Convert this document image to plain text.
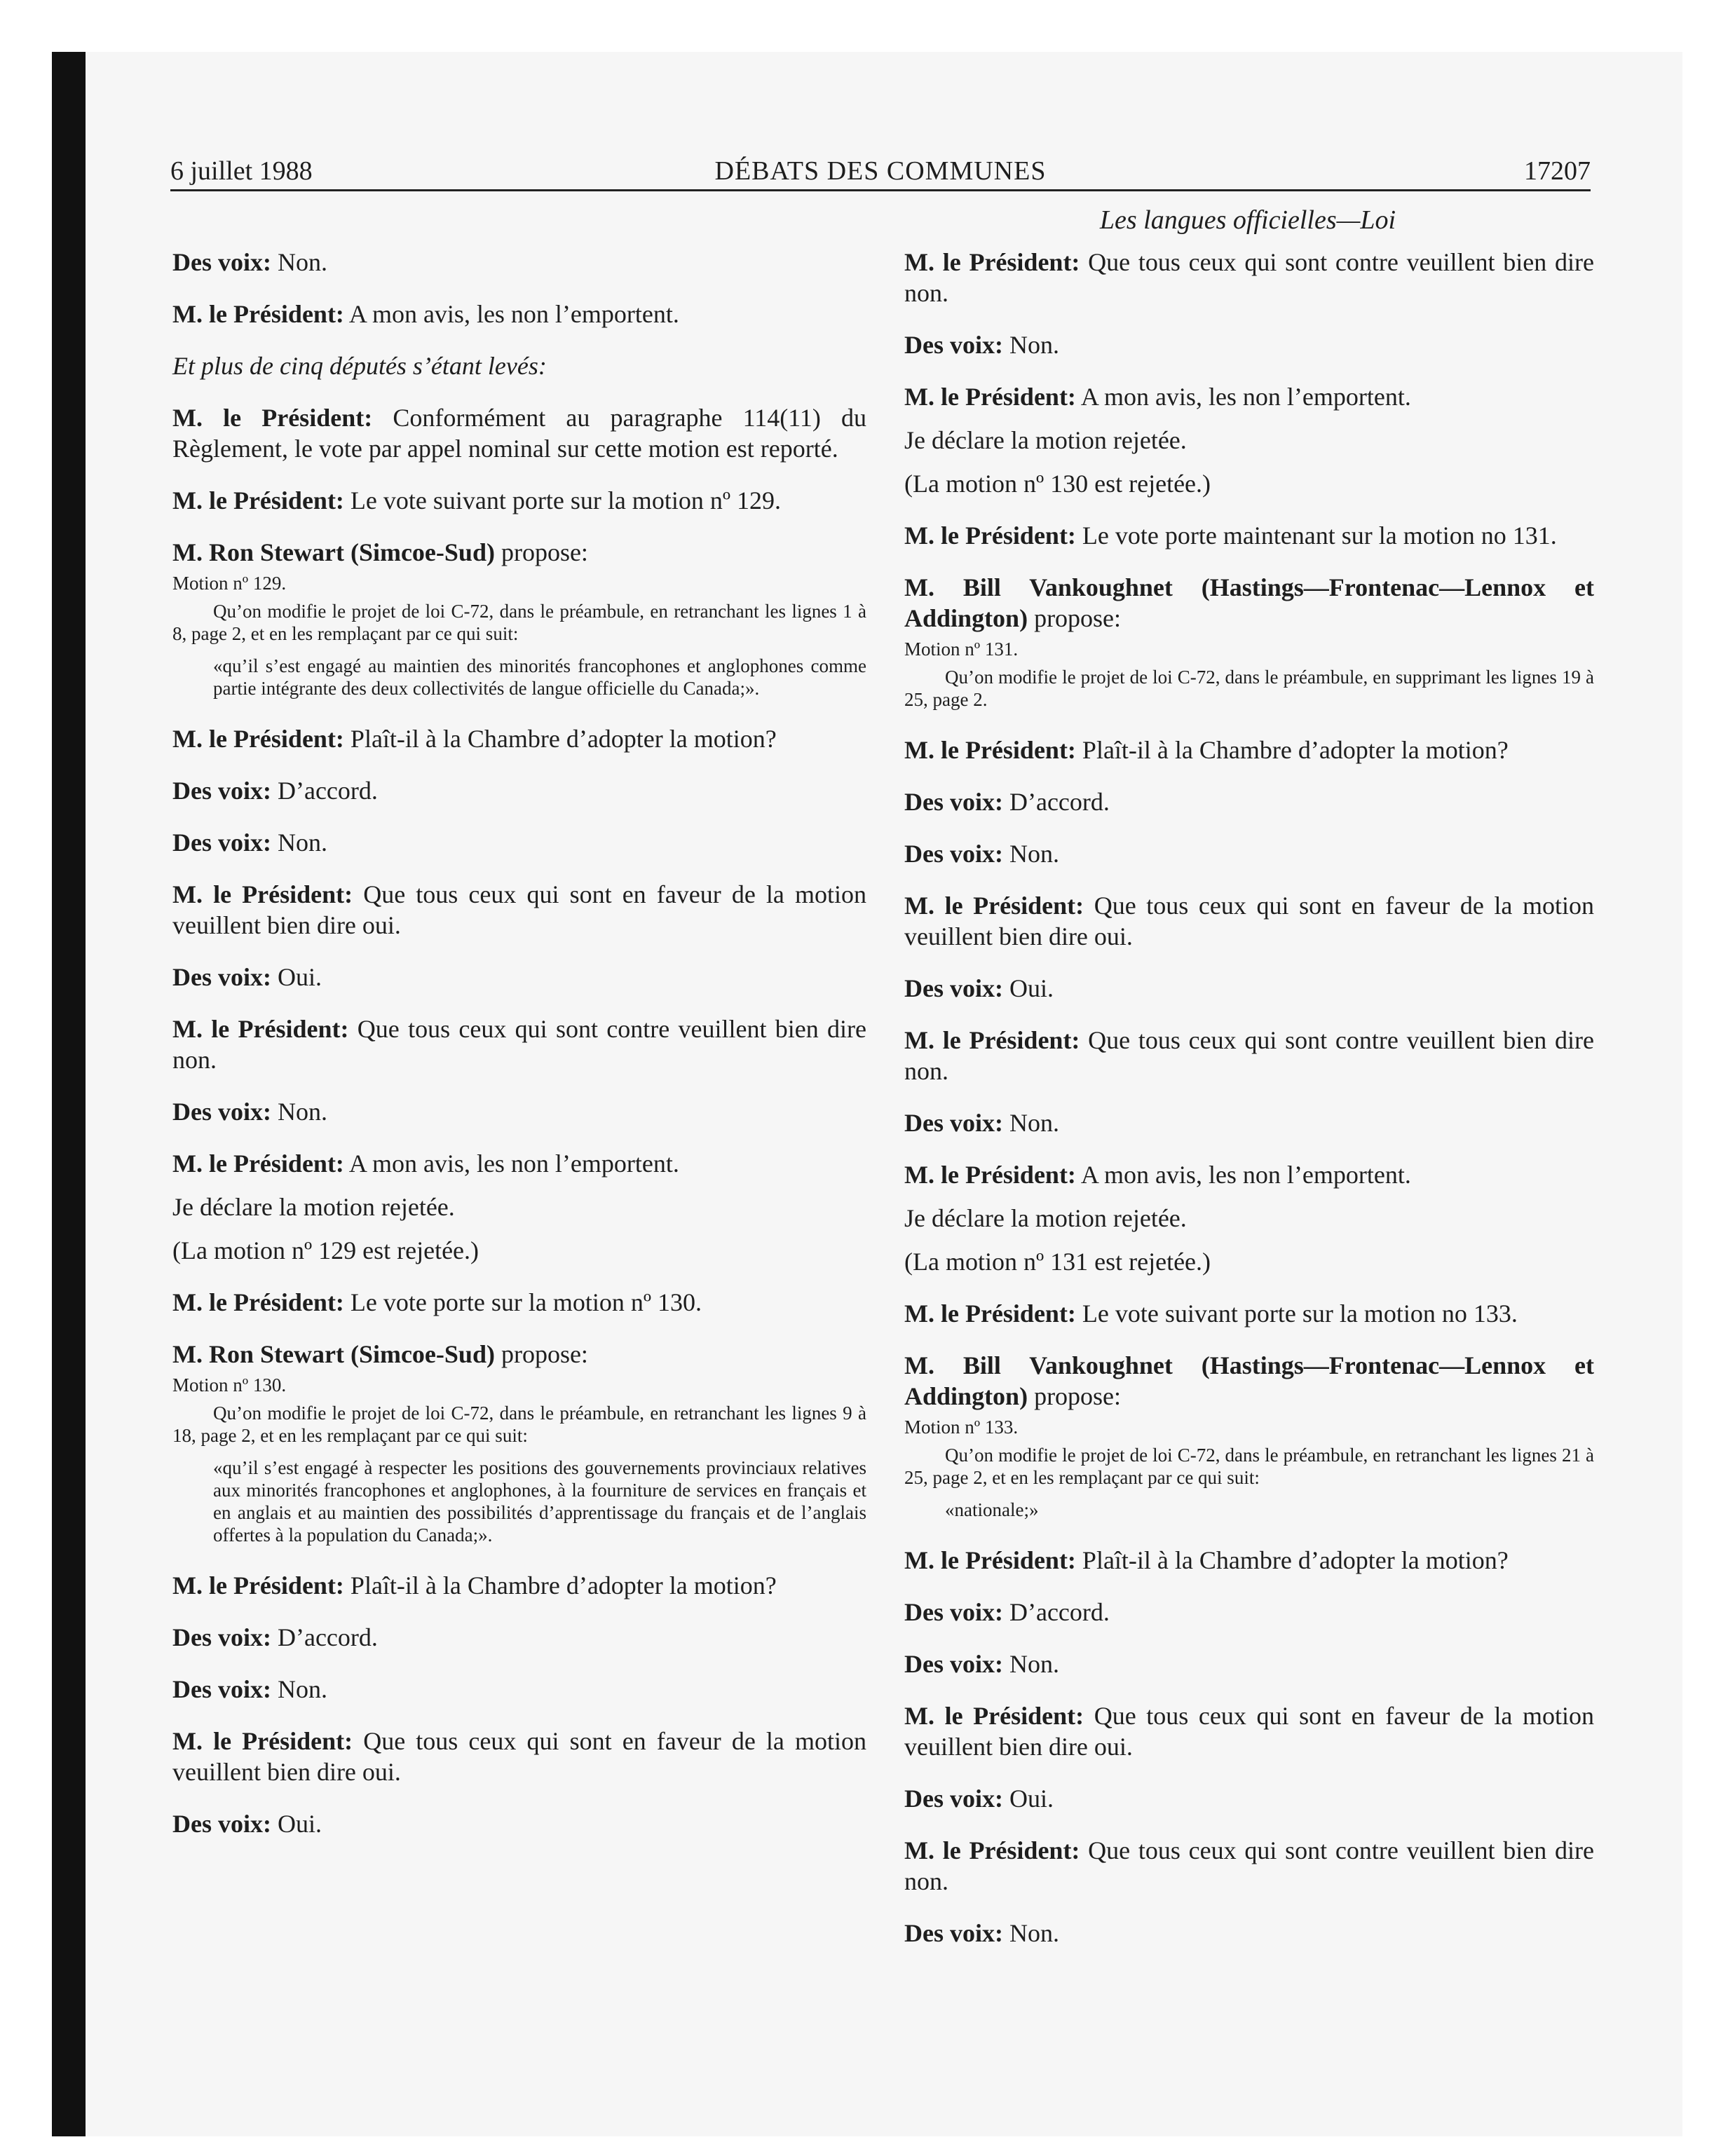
6 juillet 1988	DÉBATS DES COMMUNES	17207
Les langues officielles—Loi

Des voix: Non.

M. le Président: A mon avis, les non l’emportent.

Et plus de cinq députés s’étant levés:

M. le Président: Conformément au paragraphe 114(11) du Règlement, le vote par appel nominal sur cette motion est reporté.

M. le Président: Le vote suivant porte sur la motion nº 129.

M. Ron Stewart (Simcoe-Sud) propose:

Motion nº 129.

Qu’on modifie le projet de loi C-72, dans le préambule, en retranchant les lignes 1 à 8, page 2, et en les remplaçant par ce qui suit:

«qu’il s’est engagé au maintien des minorités francophones et anglophones comme partie intégrante des deux collectivités de langue officielle du Canada;».

M. le Président: Plaît-il à la Chambre d’adopter la motion?

Des voix: D’accord.

Des voix: Non.

M. le Président: Que tous ceux qui sont en faveur de la motion veuillent bien dire oui.

Des voix: Oui.

M. le Président: Que tous ceux qui sont contre veuillent bien dire non.

Des voix: Non.

M. le Président: A mon avis, les non l’emportent.

Je déclare la motion rejetée.

(La motion nº 129 est rejetée.)

M. le Président: Le vote porte sur la motion nº 130.

M. Ron Stewart (Simcoe-Sud) propose:

Motion nº 130.

Qu’on modifie le projet de loi C-72, dans le préambule, en retranchant les lignes 9 à 18, page 2, et en les remplaçant par ce qui suit:

«qu’il s’est engagé à respecter les positions des gouvernements provinciaux relatives aux minorités francophones et anglophones, à la fourniture de services en français et en anglais et au maintien des possibilités d’apprentissage du français et de l’anglais offertes à la population du Canada;».

M. le Président: Plaît-il à la Chambre d’adopter la motion?

Des voix: D’accord.

Des voix: Non.

M. le Président: Que tous ceux qui sont en faveur de la motion veuillent bien dire oui.

Des voix: Oui.

M. le Président: Que tous ceux qui sont contre veuillent bien dire non.

Des voix: Non.

M. le Président: A mon avis, les non l’emportent.

Je déclare la motion rejetée.

(La motion nº 130 est rejetée.)

M. le Président: Le vote porte maintenant sur la motion no 131.

M. Bill Vankoughnet (Hastings—Frontenac—Lennox et Addington) propose:

Motion nº 131.

Qu’on modifie le projet de loi C-72, dans le préambule, en supprimant les lignes 19 à 25, page 2.

M. le Président: Plaît-il à la Chambre d’adopter la motion?

Des voix: D’accord.

Des voix: Non.

M. le Président: Que tous ceux qui sont en faveur de la motion veuillent bien dire oui.

Des voix: Oui.

M. le Président: Que tous ceux qui sont contre veuillent bien dire non.

Des voix: Non.

M. le Président: A mon avis, les non l’emportent.

Je déclare la motion rejetée.

(La motion nº 131 est rejetée.)

M. le Président: Le vote suivant porte sur la motion no 133.

M. Bill Vankoughnet (Hastings—Frontenac—Lennox et Addington) propose:

Motion nº 133.

Qu’on modifie le projet de loi C-72, dans le préambule, en retranchant les lignes 21 à 25, page 2, et en les remplaçant par ce qui suit:

«nationale;»

M. le Président: Plaît-il à la Chambre d’adopter la motion?

Des voix: D’accord.

Des voix: Non.

M. le Président: Que tous ceux qui sont en faveur de la motion veuillent bien dire oui.

Des voix: Oui.

M. le Président: Que tous ceux qui sont contre veuillent bien dire non.

Des voix: Non.
